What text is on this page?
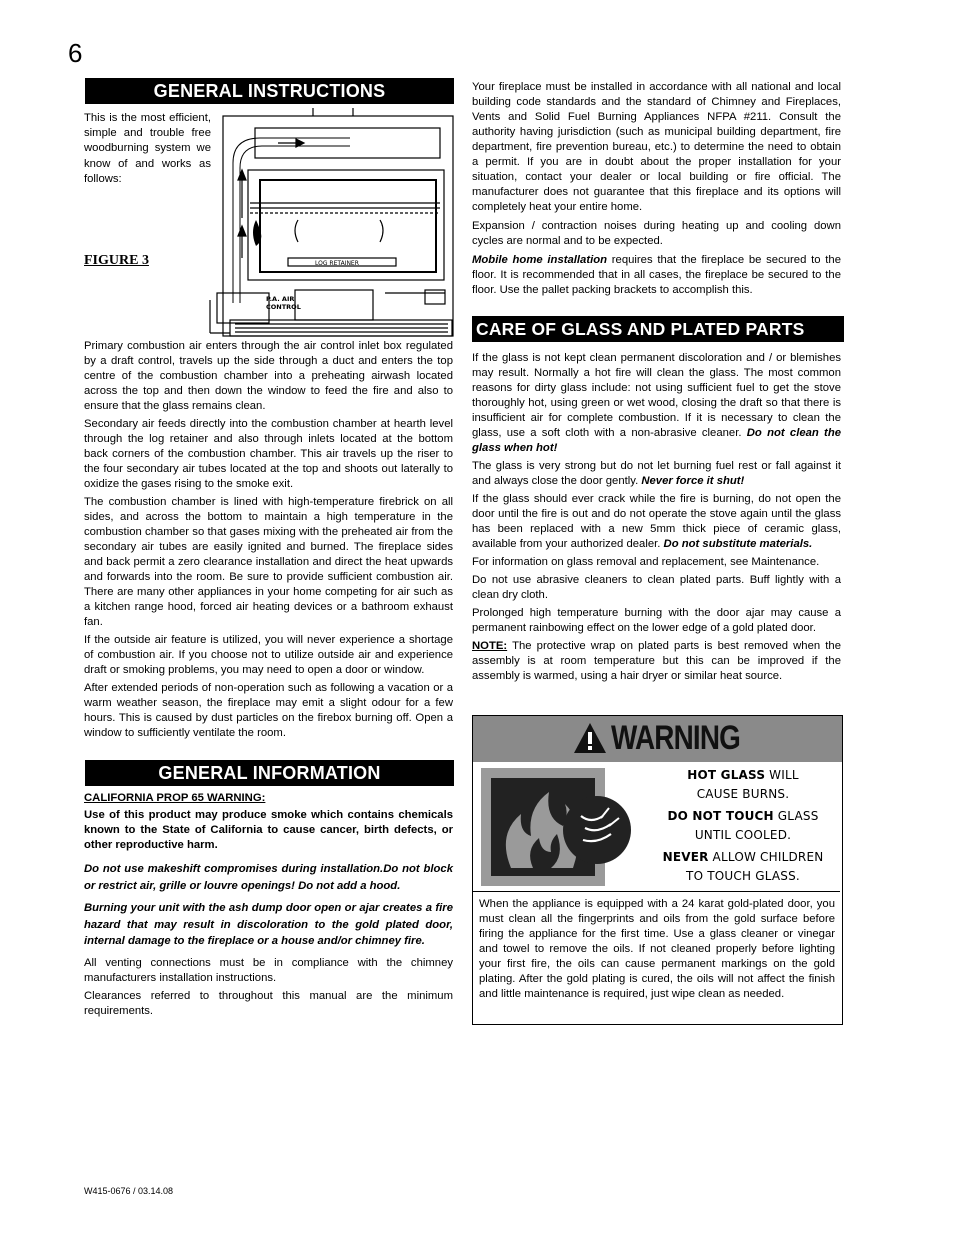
6
GENERAL INSTRUCTIONS
This is the most efficient, simple and trouble free woodburning system we know of and works as follows:
FIGURE 3	LOG RETAINER
P.A. AIR
CONTROL

Primary combustion air enters through the air control inlet box regulated by a draft control, travels up the side through a duct and enters the top centre of the combustion chamber into a preheating airwash located across the top and then down the window to feed the fire and also to ensure that the glass remains clean.

Secondary air feeds directly into the combustion chamber at hearth level through the log retainer and also through inlets located at the bottom back corners of the combustion chamber. This air travels up the riser to the four secondary air tubes located at the top and shoots out laterally to oxidize the gases rising to the smoke exit.

The combustion chamber is lined with high-temperature firebrick on all sides, and across the bottom to maintain a high temperature in the combustion chamber so that gases mixing with the preheated air from the secondary air tubes are easily ignited and burned. The fireplace sides and back permit a zero clearance installation and direct the heat upwards and forwards into the room. Be sure to provide sufficient combustion air. There are many other appliances in your home competing for air such as a kitchen range hood, forced air heating devices or a bathroom exhaust fan.

If the outside air feature is utilized, you will never experience a shortage of combustion air. If you choose not to utilize outside air and experience draft or smoking problems, you may need to open a door or window.

After extended periods of non-operation such as following a vacation or a warm weather season, the fireplace may emit a slight odour for a few hours. This is caused by dust particles on the firebox burning off. Open a window to sufficiently ventilate the room.

GENERAL INFORMATION

CALIFORNIA PROP 65 WARNING:

Use of this product may produce smoke which contains chemicals known to the State of California to cause cancer, birth defects, or other reproductive harm.

Do not use makeshift compromises during installation.Do not block or restrict air, grille or louvre openings! Do not add a hood.

Burning your unit with the ash dump door open or ajar creates a fire hazard that may result in discoloration to the gold plated door, internal damage to the fireplace or a house and/or chimney fire.

All venting connections must be in compliance with the chimney manufacturers installation instructions.

Clearances referred to throughout this manual are the minimum requirements.

Your fireplace must be installed in accordance with all national and local building code standards and the standard of Chimney and Fireplaces, Vents and Solid Fuel Burning Appliances NFPA #211. Consult the authority having jurisdiction (such as municipal building department, fire department, fire prevention bureau, etc.) to determine the need to obtain a permit. If you are in doubt about the proper installation for your situation, contact your dealer or local building or fire official. The manufacturer does not guarantee that this fireplace and its options will completely heat your entire home.

Expansion / contraction noises during heating up and cooling down cycles are normal and to be expected.

Mobile home installation requires that the fireplace be secured to the floor. It is recommended that in all cases, the fireplace be secured to the floor. Use the pallet packing brackets to accomplish this.

CARE OF GLASS AND PLATED PARTS

If the glass is not kept clean permanent discoloration and / or blemishes may result. Normally a hot fire will clean the glass. The most common reasons for dirty glass include: not using sufficient fuel to get the stove thoroughly hot, using green or wet wood, closing the draft so that there is insufficient air for complete combustion. If it is necessary to clean the glass, use a soft cloth with a non-abrasive cleaner. Do not clean the glass when hot!

The glass is very strong but do not let burning fuel rest or fall against it and always close the door gently. Never force it shut!

If the glass should ever crack while the fire is burning, do not open the door until the fire is out and do not operate the stove again until the glass has been replaced with a new 5mm thick piece of ceramic glass, available from your authorized dealer. Do not substitute materials.

For information on glass removal and replacement, see Maintenance.

Do not use abrasive cleaners to clean plated parts. Buff lightly with a clean dry cloth.

Prolonged high temperature burning with the door ajar may cause a permanent rainbowing effect on the lower edge of a gold plated door.

NOTE: The protective wrap on plated parts is best removed when the assembly is at room temperature but this can be improved if the assembly is warmed, using a hair dryer or similar heat source.

WARNING
HOT GLASS WILL
CAUSE BURNS.
DO NOT TOUCH GLASS
UNTIL COOLED.
NEVER ALLOW CHILDREN
TO TOUCH GLASS.
When the appliance is equipped with a 24 karat gold-plated door, you must clean all the fingerprints and oils from the gold surface before firing the appliance for the first time. Use a glass cleaner or vinegar and towel to remove the oils. If not cleaned properly before lighting your first fire, the oils can cause permanent markings on the gold plating. After the gold plating is cured, the oils will not affect the finish and little maintenance is required, just wipe clean as needed.
W415-0676 / 03.14.08
